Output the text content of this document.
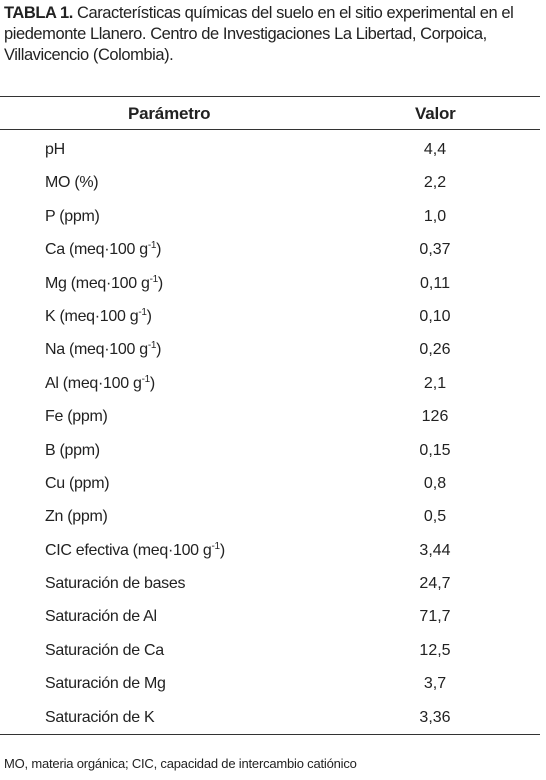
TABLA 1. Características químicas del suelo en el sitio experimental en el piedemonte Llanero. Centro de Investigaciones La Libertad, Corpoica, Villavicencio (Colombia).
Parámetro	Valor
pH	4,4
MO (%)	2,2
P (ppm)	1,0
Ca (meq·100 $g^{-1}$)	0,37
Mg (meq·100 $g^{-1}$)	0,11
K (meq·100 $g^{-1}$)	0,10
Na (meq·100 $g^{-1}$)	0,26
Al (meq·100 $g^{-1}$)	2,1
Fe (ppm)	126
B (ppm)	0,15
Cu (ppm)	0,8
Zn (ppm)	0,5
CIC efectiva (meq·100 $g^{-1}$)	3,44
Saturación de bases	24,7
Saturación de Al	71,7
Saturación de Ca	12,5
Saturación de Mg	3,7
Saturación de K	3,36
MO, materia orgánica; CIC, capacidad de intercambio catiónico
